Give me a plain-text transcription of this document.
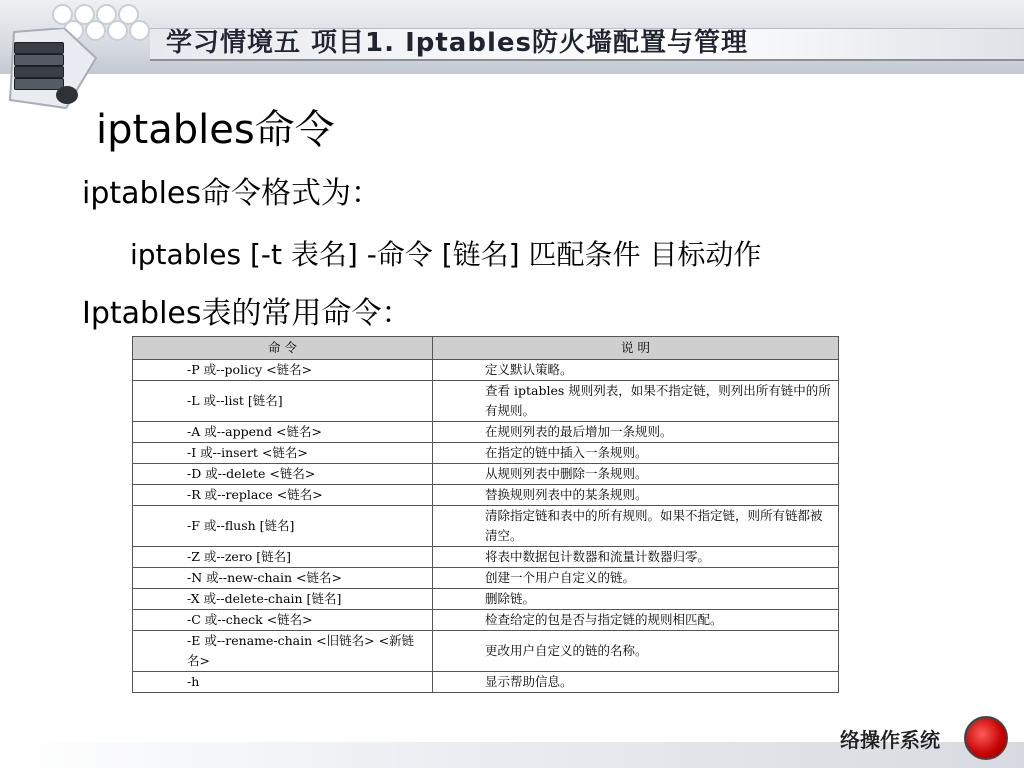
学习情境五 项目1. Iptables防火墙配置与管理
iptables命令
iptables命令格式为：
iptables [-t 表名] -命令 [链名] 匹配条件 目标动作
Iptables表的常用命令：
命 令	说 明
-P 或--policy <链名>	定义默认策略。
-L 或--list [链名]	查看 iptables 规则列表，如果不指定链，则列出所有链中的所有规则。
-A 或--append <链名>	在规则列表的最后增加一条规则。
-I 或--insert <链名>	在指定的链中插入一条规则。
-D 或--delete <链名>	从规则列表中删除一条规则。
-R 或--replace <链名>	替换规则列表中的某条规则。
-F 或--flush [链名]	清除指定链和表中的所有规则。如果不指定链，则所有链都被清空。
-Z 或--zero [链名]	将表中数据包计数器和流量计数器归零。
-N 或--new-chain <链名>	创建一个用户自定义的链。
-X 或--delete-chain [链名]	删除链。
-C 或--check <链名>	检查给定的包是否与指定链的规则相匹配。
-E 或--rename-chain <旧链名> <新链名>	更改用户自定义的链的名称。
-h	显示帮助信息。
络操作系统
